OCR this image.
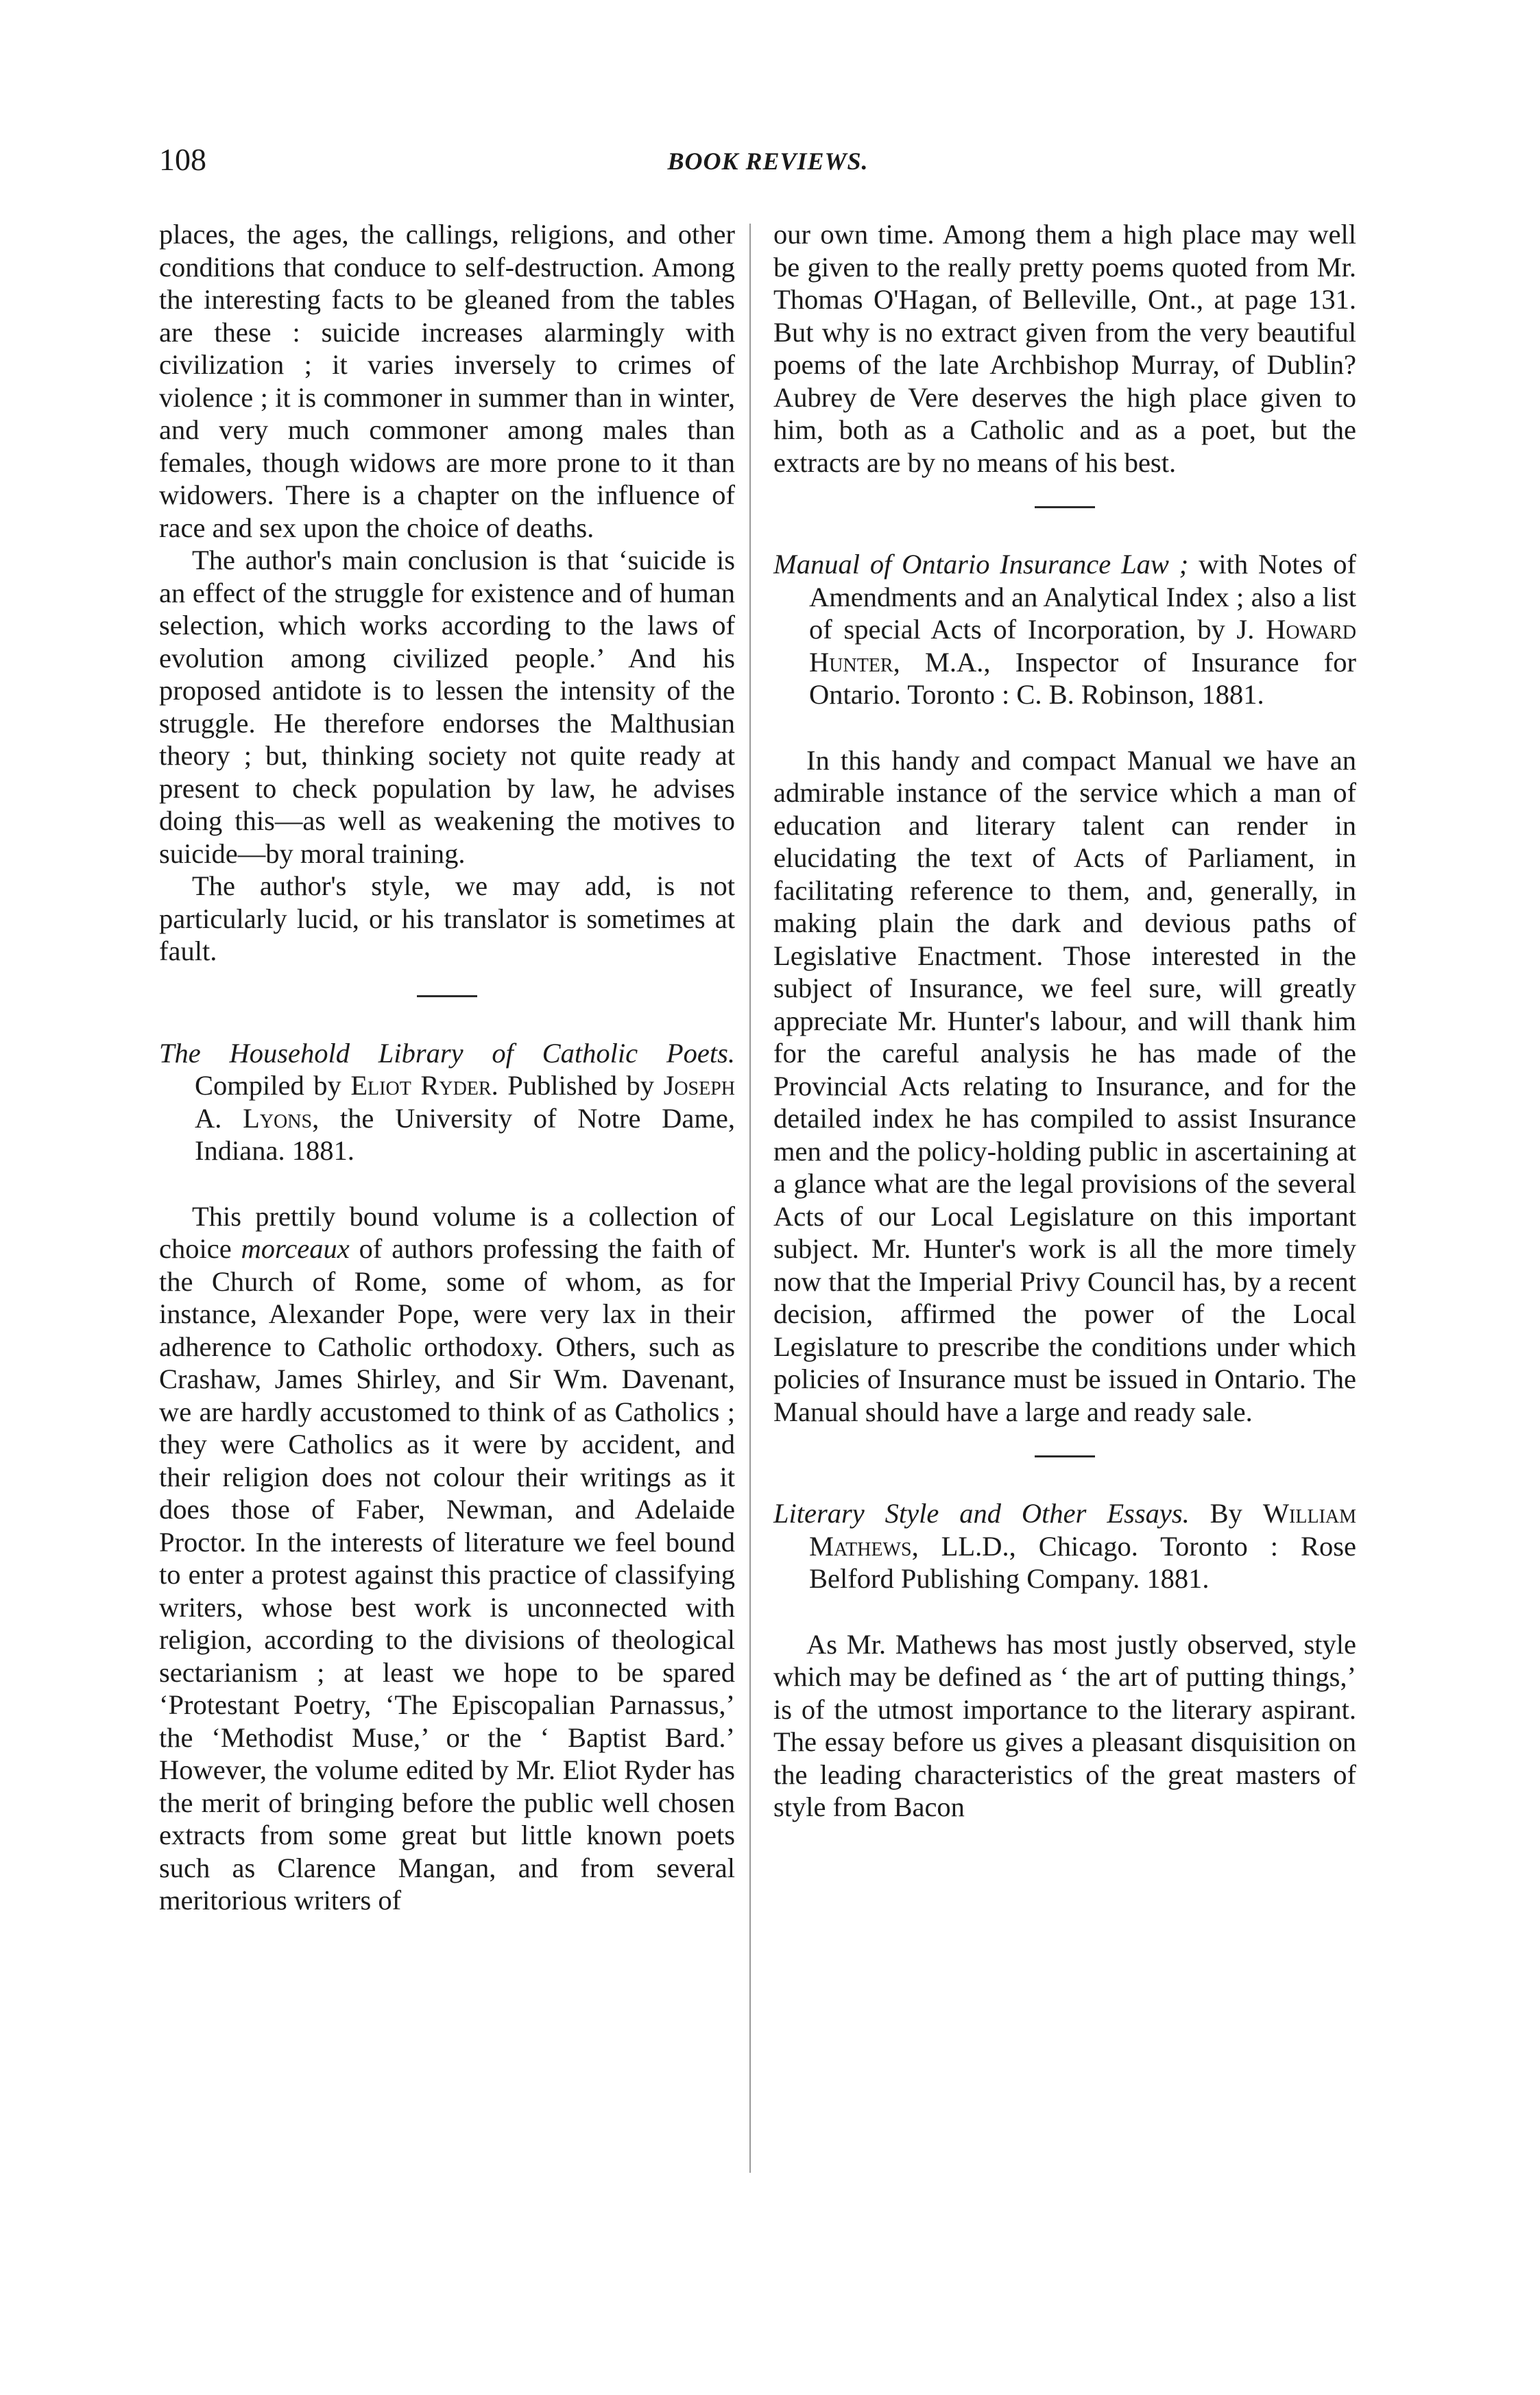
108	BOOK REVIEWS.

places, the ages, the callings, religions, and other conditions that conduce to self-destruction. Among the interesting facts to be gleaned from the tables are these : suicide increases alarmingly with civilization ; it varies inversely to crimes of violence ; it is commoner in summer than in winter, and very much commoner among males than females, though widows are more prone to it than widowers. There is a chapter on the influence of race and sex upon the choice of deaths.

The author's main conclusion is that ‘suicide is an effect of the struggle for existence and of human selection, which works according to the laws of evolution among civilized people.’ And his proposed antidote is to lessen the intensity of the struggle. He therefore endorses the Malthusian theory ; but, thinking society not quite ready at present to check population by law, he advises doing this—as well as weakening the motives to suicide—by moral training.

The author's style, we may add, is not particularly lucid, or his translator is sometimes at fault.

The Household Library of Catholic Poets. Compiled by Eliot Ryder. Published by Joseph A. Lyons, the University of Notre Dame, Indiana. 1881.

This prettily bound volume is a collection of choice morceaux of authors professing the faith of the Church of Rome, some of whom, as for instance, Alexander Pope, were very lax in their adherence to Catholic orthodoxy. Others, such as Crashaw, James Shirley, and Sir Wm. Davenant, we are hardly accustomed to think of as Catholics ; they were Catholics as it were by accident, and their religion does not colour their writings as it does those of Faber, Newman, and Adelaide Proctor. In the interests of literature we feel bound to enter a protest against this practice of classifying writers, whose best work is unconnected with religion, according to the divisions of theological sectarianism ; at least we hope to be spared ‘Protestant Poetry, ‘The Episcopalian Parnassus,’ the ‘Methodist Muse,’ or the ‘ Baptist Bard.’ However, the volume edited by Mr. Eliot Ryder has the merit of bringing before the public well chosen extracts from some great but little known poets such as Clarence Mangan, and from several meritorious writers of

our own time. Among them a high place may well be given to the really pretty poems quoted from Mr. Thomas O'Hagan, of Belleville, Ont., at page 131. But why is no extract given from the very beautiful poems of the late Archbishop Murray, of Dublin? Aubrey de Vere deserves the high place given to him, both as a Catholic and as a poet, but the extracts are by no means of his best.

Manual of Ontario Insurance Law ; with Notes of Amendments and an Analytical Index ; also a list of special Acts of Incorporation, by J. Howard Hunter, M.A., Inspector of Insurance for Ontario. Toronto : C. B. Robinson, 1881.

In this handy and compact Manual we have an admirable instance of the service which a man of education and literary talent can render in elucidating the text of Acts of Parliament, in facilitating reference to them, and, generally, in making plain the dark and devious paths of Legislative Enactment. Those interested in the subject of Insurance, we feel sure, will greatly appreciate Mr. Hunter's labour, and will thank him for the careful analysis he has made of the Provincial Acts relating to Insurance, and for the detailed index he has compiled to assist Insurance men and the policy-holding public in ascertaining at a glance what are the legal provisions of the several Acts of our Local Legislature on this important subject. Mr. Hunter's work is all the more timely now that the Imperial Privy Council has, by a recent decision, affirmed the power of the Local Legislature to prescribe the conditions under which policies of Insurance must be issued in Ontario. The Manual should have a large and ready sale.

Literary Style and Other Essays. By William Mathews, LL.D., Chicago. Toronto : Rose Belford Publishing Company. 1881.

As Mr. Mathews has most justly observed, style which may be defined as ‘ the art of putting things,’ is of the utmost importance to the literary aspirant. The essay before us gives a pleasant disquisition on the leading characteristics of the great masters of style from Bacon
